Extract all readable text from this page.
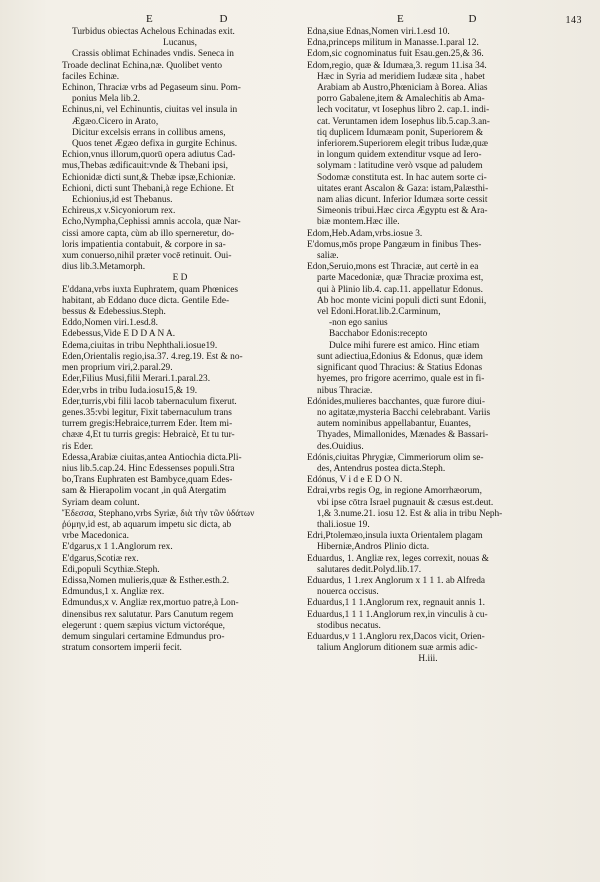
E	D
Turbidus obiectas Achelous Echinadas exit.
Lucanus,
Crassis oblimat Echinades vndis. Seneca in
Troade declinat Echina,næ. Quolibet vento
faciles Echinæ.
Echinon, Thraciæ vrbs ad Pegaseum sinu. Pom-
ponius Mela lib.2.
Echinus,ni, vel Echinuntis, ciuitas vel insula in
Ægæo.Cicero in Arato,
Dicitur excelsis errans in collibus amens,
Quos tenet Ægæo defixa in gurgite Echinus.
Echion,vnus illorum,quorū opera adiutus Cad-
mus,Thebas ædificauit:vnde & Thebani ipsi,
Echionidæ dicti sunt,& Thebæ ipsæ,Echioniæ.
Echioni, dicti sunt Thebani,à rege Echione. Et
Echionius,id est Thebanus.
Echireus,x v.Sicyoniorum rex.
Echo,Nympha,Cephissi amnis accola, quæ Nar-
cissi amore capta, cùm ab illo sperneretur, do-
loris impatientia contabuit, & corpore in sa-
xum conuerso,nihil præter vocē retinuit. Oui-
dius lib.3.Metamorph.
E D
E'ddana,vrbs iuxta Euphratem, quam Phœnices
habitant, ab Eddano duce dicta. Gentile Ede-
bessus & Edebessius.Steph.
Eddo,Nomen viri.1.esd.8.
Edebessus,Vide E D D A N A.
Edema,ciuitas in tribu Nephthali.iosue19.
Eden,Orientalis regio,isa.37. 4.reg.19. Est & no-
men proprium viri,2.paral.29.
Eder,Filius Musi,filii Merari.1.paral.23.
Eder,vrbs in tribu Iuda.iosu15,& 19.
Eder,turris,vbi filii lacob tabernaculum fixerut.
genes.35:vbi legitur, Fixit tabernaculum trans
turrem gregis:Hebraice,turrem Eder. Item mi-
chææ 4,Et tu turris gregis: Hebraicè, Et tu tur-
ris Eder.
Edessa,Arabiæ ciuitas,antea Antiochia dicta.Pli-
nius lib.5.cap.24. Hinc Edessenses populi.Stra
bo,Trans Euphraten est Bambyce,quam Edes-
sam & Hierapolim vocant ,in quâ Atergatim
Syriam deam colunt.
Ἔδεσσα, Stephano,vrbs Syriæ, διὰ τὴν τῶν ὑδάτων
ῥύμην,id est, ab aquarum impetu sic dicta, ab
vrbe Macedonica.
E'dgarus,x 1 1.Anglorum rex.
E'dgarus,Scotiæ rex.
Edi,populi Scythiæ.Steph.
Edissa,Nomen mulieris,quæ & Esther.esth.2.
Edmundus,1 x. Angliæ rex.
Edmundus,x v. Angliæ rex,mortuo patre,à Lon-
dinensibus rex salutatur. Pars Canutum regem
elegerunt : quem sæpius victum victoréque,
demum singulari certamine Edmundus pro-
stratum consortem imperii fecit.
E	D	143
Edna,siue Ednas,Nomen viri.1.esd 10.
Edna,princeps militum in Manasse.1.paral 12.
Edom,sic cognominatus fuit Esau.gen.25,& 36.
Edom,regio, quæ & Idumæa,3. regum 11.isa 34.
Hæc in Syria ad meridiem Iudææ sita , habet
Arabiam ab Austro,Phœniciam à Borea. Alias
porro Gabalene,item & Amalechitis ab Ama-
lech vocitatur, vt Iosephus libro 2. cap.1. indi-
cat. Veruntamen idem Iosephus lib.5.cap.3.an-
tiq duplicem Idumæam ponit, Superiorem &
inferiorem.Superiorem elegit tribus Iudæ,quæ
in longum quidem extenditur vsque ad Iero-
solymam : latitudine verò vsque ad paludem
Sodomæ constituta est. In hac autem sorte ci-
uitates erant Ascalon & Gaza: istam,Palæsthi-
nam alias dicunt. Inferior Idumæa sorte cessit
Simeonis tribui.Hæc circa Ægyptu est & Ara-
biæ montem.Hæc ille.
Edom,Heb.Adam,vrbs.iosue 3.
E'domus,mōs prope Pangæum in finibus Thes-
saliæ.
Edon,Seruio,mons est Thraciæ, aut certè in ea
parte Macedoniæ, quæ Thraciæ proxima est,
qui à Plinio lib.4. cap.11. appellatur Edonus.
Ab hoc monte vicini populi dicti sunt Edonii,
vel Edoni.Horat.lib.2.Carminum,
-non ego sanius
Bacchabor Edonis:recepto
Dulce mihi furere est amico. Hinc etiam
sunt adiectiua,Edonius & Edonus, quæ idem
significant quod Thracius: & Statius Edonas
hyemes, pro frigore acerrimo, quale est in fi-
nibus Thraciæ.
Edónides,mulieres bacchantes, quæ furore diui-
no agitatæ,mysteria Bacchi celebrabant. Variis
autem nominibus appellabantur, Euantes,
Thyades, Mimallonides, Mænades & Bassari-
des.Ouidius.
Edónis,ciuitas Phrygiæ, Cimmeriorum olim se-
des, Antendrus postea dicta.Steph.
Edónus, V i d e E D O N.
Edrai,vrbs regis Og, in regione Amorrhæorum,
vbi ipse cōtra Israel pugnauit & cæsus est.deut.
1,& 3.nume.21. iosu 12. Est & alia in tribu Neph-
thali.iosue 19.
Edri,Ptolemæo,insula iuxta Orientalem plagam
Hiberniæ,Andros Plinio dicta.
Eduardus, 1. Angliæ rex, leges correxit, nouas &
salutares dedit.Polyd.lib.17.
Eduardus, 1 1.rex Anglorum x 1 1 1. ab Alfreda
nouerca occisus.
Eduardus,1 1 1.Anglorum rex, regnauit annis 1.
Eduardus,1 1 1 1.Anglorum rex,in vinculis à cu-
stodibus necatus.
Eduardus,v 1 1.Angloru rex,Dacos vicit, Orien-
talium Anglorum ditionem suæ armis adic-
H.iii.
